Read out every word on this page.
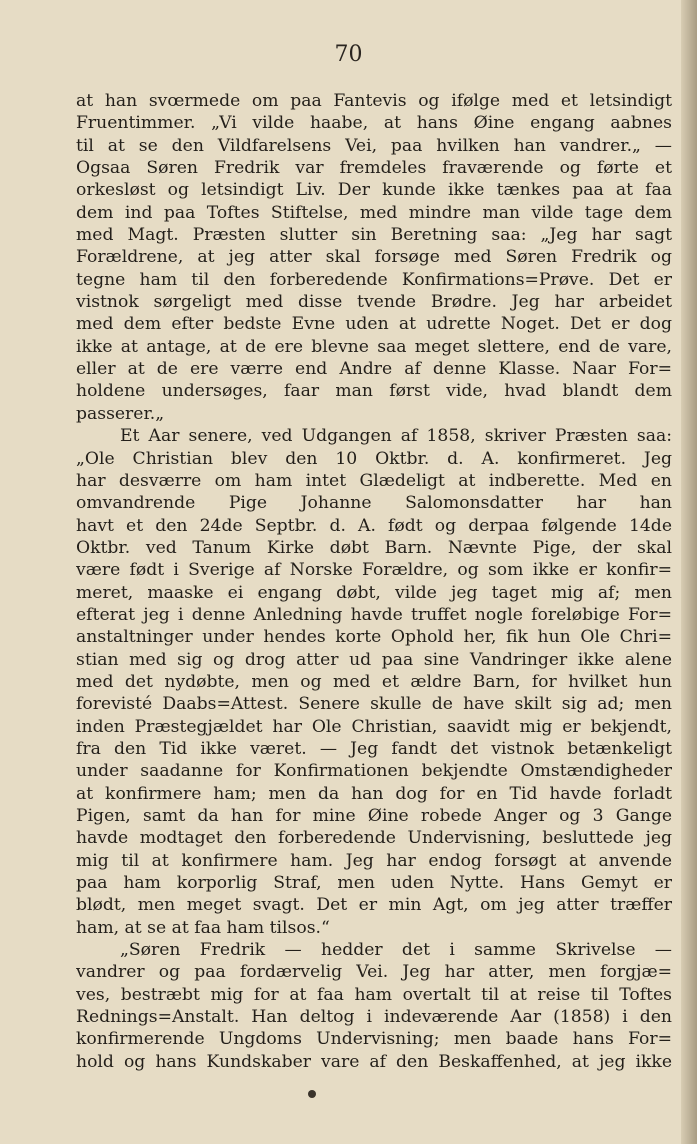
70
at han svœrmede om paa Fantevis og ifølge med et letsindigt
Fruentimmer. „Vi vilde haabe, at hans Øine engang aabnes
til at se den Vildfarelsens Vei, paa hvilken han vandrer.„ —
Ogsaa Søren Fredrik var fremdeles fraværende og førte et
orkesløst og letsindigt Liv. Der kunde ikke tænkes paa at faa
dem ind paa Toftes Stiftelse, med mindre man vilde tage dem
med Magt. Præsten slutter sin Beretning saa: „Jeg har sagt
Forældrene, at jeg atter skal forsøge med Søren Fredrik og
tegne ham til den forberedende Konfirmations=Prøve. Det er
vistnok sørgeligt med disse tvende Brødre. Jeg har arbeidet
med dem efter bedste Evne uden at udrette Noget. Det er dog
ikke at antage, at de ere blevne saa meget slettere, end de vare,
eller at de ere værre end Andre af denne Klasse. Naar For=
holdene undersøges, faar man først vide, hvad blandt dem
passerer.„
Et Aar senere, ved Udgangen af 1858, skriver Præsten saa:
„Ole Christian blev den 10 Oktbr. d. A. konfirmeret. Jeg
har desværre om ham intet Glædeligt at indberette. Med en
omvandrende Pige Johanne Salomonsdatter har han
havt et den 24de Septbr. d. A. født og derpaa følgende 14de
Oktbr. ved Tanum Kirke døbt Barn. Nævnte Pige, der skal
være født i Sverige af Norske Forældre, og som ikke er konfir=
meret, maaske ei engang døbt, vilde jeg taget mig af; men
efterat jeg i denne Anledning havde truffet nogle foreløbige For=
anstaltninger under hendes korte Ophold her, fik hun Ole Chri=
stian med sig og drog atter ud paa sine Vandringer ikke alene
med det nydøbte, men og med et ældre Barn, for hvilket hun
forevisté Daabs=Attest. Senere skulle de have skilt sig ad; men
inden Præstegjældet har Ole Christian, saavidt mig er bekjendt,
fra den Tid ikke været. — Jeg fandt det vistnok betænkeligt
under saadanne for Konfirmationen bekjendte Omstændigheder
at konfirmere ham; men da han dog for en Tid havde forladt
Pigen, samt da han for mine Øine robede Anger og 3 Gange
havde modtaget den forberedende Undervisning, besluttede jeg
mig til at konfirmere ham. Jeg har endog forsøgt at anvende
paa ham korporlig Straf, men uden Nytte. Hans Gemyt er
blødt, men meget svagt. Det er min Agt, om jeg atter træffer
ham, at se at faa ham tilsos.“
„Søren Fredrik — hedder det i samme Skrivelse —
vandrer og paa fordærvelig Vei. Jeg har atter, men forgjæ=
ves, bestræbt mig for at faa ham overtalt til at reise til Toftes
Rednings=Anstalt. Han deltog i indeværende Aar (1858) i den
konfirmerende Ungdoms Undervisning; men baade hans For=
hold og hans Kundskaber vare af den Beskaffenhed, at jeg ikke
